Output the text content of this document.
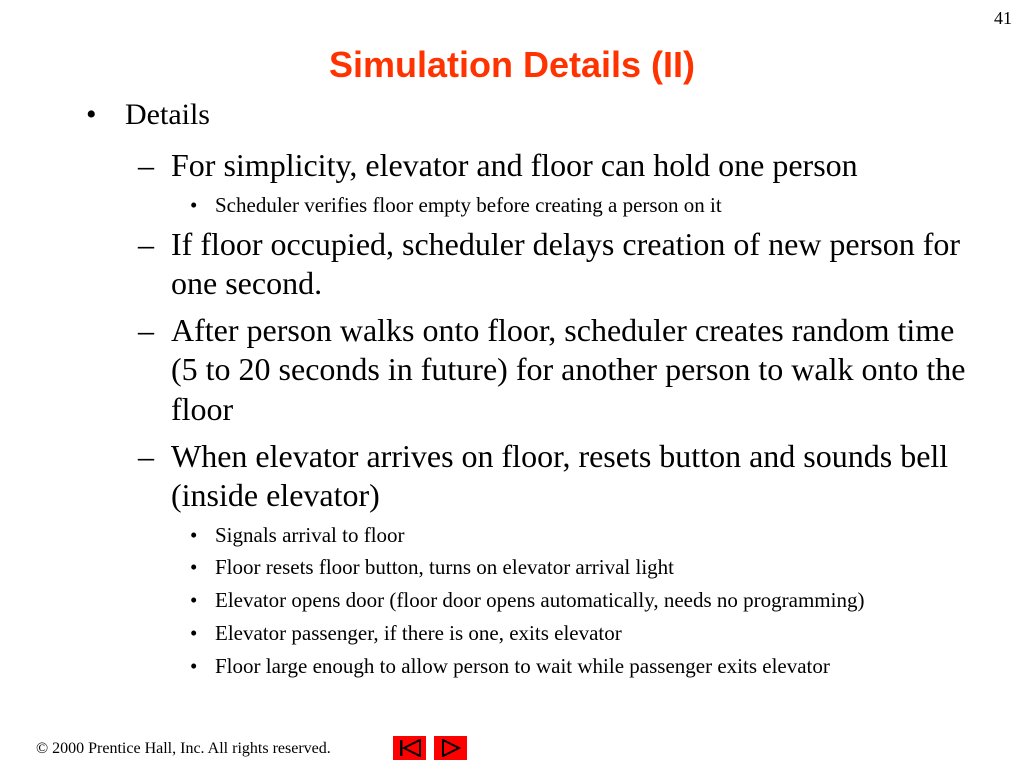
41
Simulation Details (II)
• Details
– For simplicity, elevator and floor can hold one person
• Scheduler verifies floor empty before creating a person on it
– If floor occupied, scheduler delays creation of new person for one second.
– After person walks onto floor, scheduler creates random time (5 to 20 seconds in future) for another person to walk onto the floor
– When elevator arrives on floor, resets button and sounds bell (inside elevator)
• Signals arrival to floor
• Floor resets floor button, turns on elevator arrival light
• Elevator opens door (floor door opens automatically, needs no programming)
• Elevator passenger, if there is one, exits elevator
• Floor large enough to allow person to wait while passenger exits elevator
© 2000 Prentice Hall, Inc. All rights reserved.
